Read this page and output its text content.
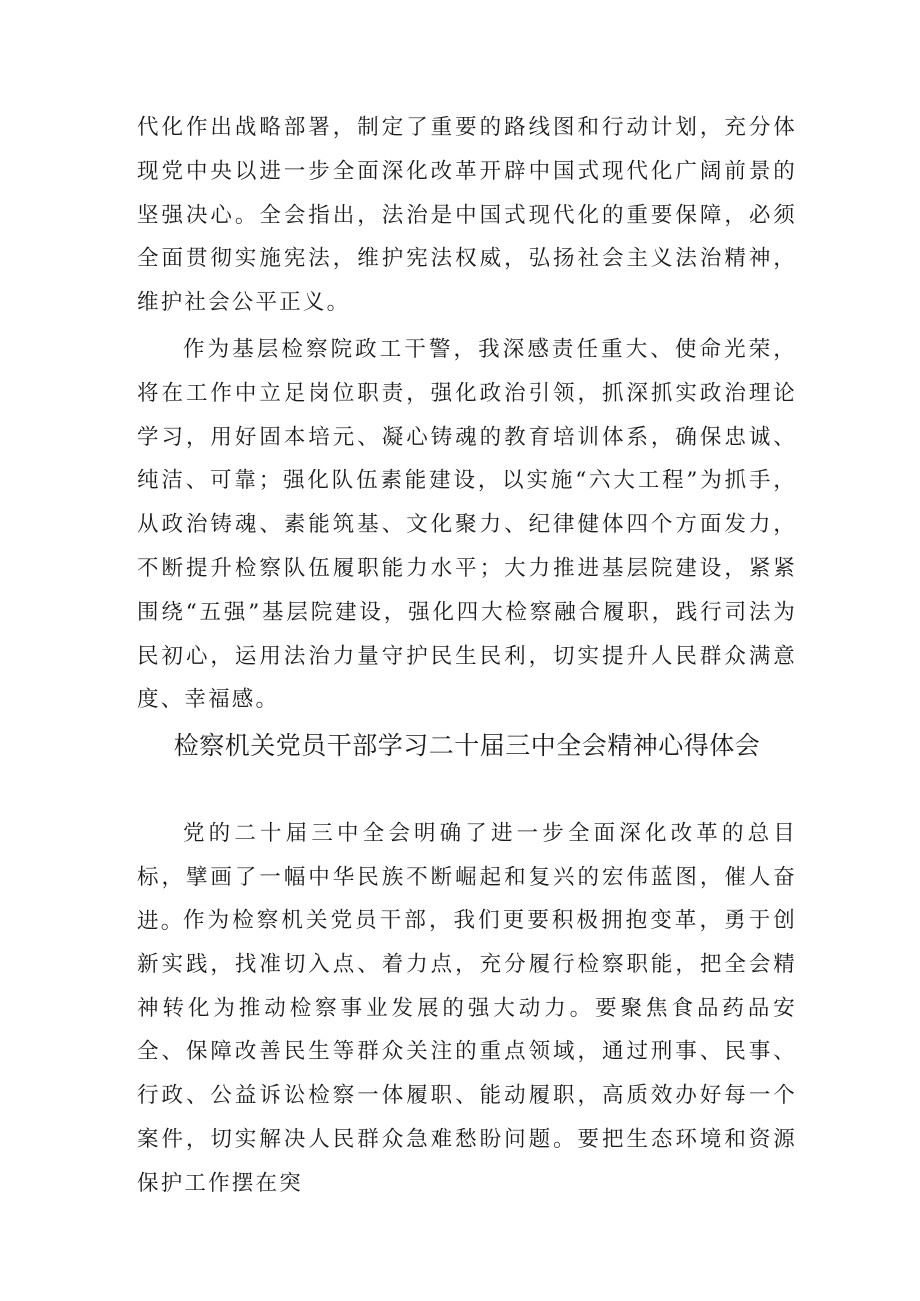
代化作出战略部署，制定了重要的路线图和行动计划，充分体现党中央以进一步全面深化改革开辟中国式现代化广阔前景的坚强决心。全会指出，法治是中国式现代化的重要保障，必须全面贯彻实施宪法，维护宪法权威，弘扬社会主义法治精神，维护社会公平正义。

作为基层检察院政工干警，我深感责任重大、使命光荣，将在工作中立足岗位职责，强化政治引领，抓深抓实政治理论学习，用好固本培元、凝心铸魂的教育培训体系，确保忠诚、纯洁、可靠；强化队伍素能建设，以实施“六大工程”为抓手，从政治铸魂、素能筑基、文化聚力、纪律健体四个方面发力，不断提升检察队伍履职能力水平；大力推进基层院建设，紧紧围绕“五强”基层院建设，强化四大检察融合履职，践行司法为民初心，运用法治力量守护民生民利，切实提升人民群众满意度、幸福感。

检察机关党员干部学习二十届三中全会精神心得体会

党的二十届三中全会明确了进一步全面深化改革的总目标，擘画了一幅中华民族不断崛起和复兴的宏伟蓝图，催人奋进。

作为检察机关党员干部，我们更要积极拥抱变革，勇于创新实践，找准切入点、着力点，充分履行检察职能，把全会精神转化为推动检察事业发展的强大动力。要聚焦食品药品安全、保障改善民生等群众关注的重点领域，通过刑事、民事、行政、公益诉讼检察一体履职、能动履职，高质效办好每一个案件，切实解决人民群众急难愁盼问题。要把生态环境和资源保护工作摆在突
